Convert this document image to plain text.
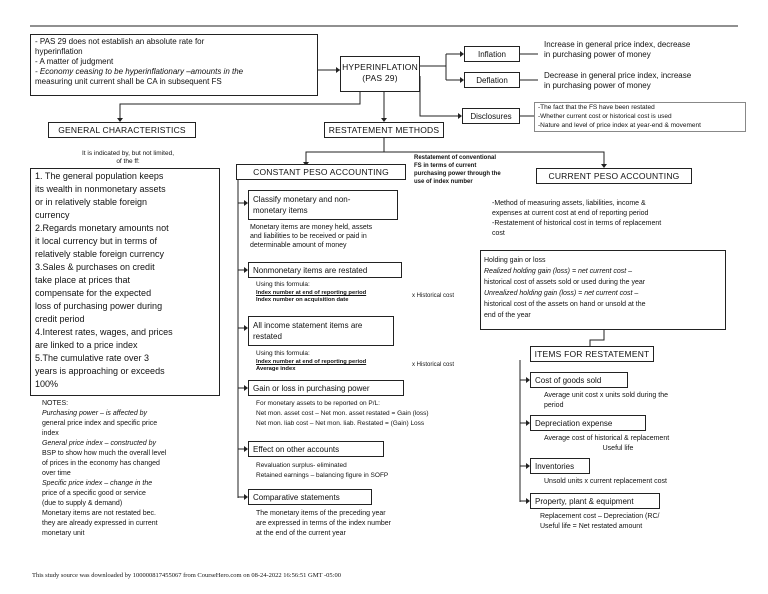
- PAS 29 does not establish an absolute rate for
hyperinflation
- A matter of judgment
- Economy ceasing to be hyperinflationary –amounts in the
measuring unit current shall be CA in subsequent FS
HYPERINFLATION
(PAS 29)
Inflation
Increase in general price index, decrease
in purchasing power of money
Deflation
Decrease in general price index, increase
in purchasing power of money
Disclosures
-The fact that the FS have been restated
-Whether current cost or historical cost is used
-Nature and level of price index at year-end & movement
GENERAL CHARACTERISTICS
It is indicated by, but not limited,
of the ff:
1. The general population keeps
its wealth in nonmonetary assets
or in relatively stable foreign
currency
2.Regards monetary amounts not
it local currency but in terms of
relatively stable foreign currency
3.Sales & purchases on credit
take place at prices that
compensate for the expected
loss of purchasing power during
credit period
4.Interest rates, wages, and prices
are linked to a price index
5.The cumulative rate over 3
years is approaching or exceeds
100%
NOTES:
Purchasing power – is affected by
general price index and specific price
index
General price index – constructed by
BSP to show how much the overall level
of prices in the economy has changed
over time
Specific price index – change in the
price of a specific good or service
(due to supply & demand)
Monetary items are not restated bec.
they are already expressed in current
monetary unit
RESTATEMENT METHODS
Restatement of conventional
FS in terms of current
purchasing power through the
use of index number
CONSTANT PESO ACCOUNTING
Classify monetary and non-
monetary items
Monetary items are money held, assets
and liabilities to be received or paid in
determinable amount of money
Nonmonetary items are restated
Using this formula:
Index number at end of reporting period
Index number on acquisition date
x Historical cost
All income statement items are
restated
Using this formula:
Index number at end of reporting period
Average index
x Historical cost
Gain or loss in purchasing power
For monetary assets to be reported on P/L:
Net mon. asset cost – Net mon. asset restated = Gain (loss)
Net mon. liab cost – Net mon. liab. Restated = (Gain) Loss
Effect on other accounts
Revaluation surplus- eliminated
Retained earnings – balancing figure in SOFP
Comparative statements
The monetary items of the preceding year
are expressed in terms of the index number
at the end of the current year
CURRENT PESO ACCOUNTING
-Method of measuring assets, liabilities, income &
expenses at current cost at end of reporting period
-Restatement of historical cost in terms of replacement
cost
Holding gain or loss
Realized holding gain (loss) = net current cost –
historical cost of assets sold or used during the year
Unrealized holding gain (loss) = net current cost –
historical cost of the assets on hand or unsold at the
end of the year
ITEMS FOR RESTATEMENT
Cost of goods sold
Average unit cost x units sold during the
period
Depreciation expense
Average cost of historical & replacement
Useful life
Inventories
Unsold units x current replacement cost
Property, plant & equipment
Replacement cost – Depreciation (RC/
Useful life = Net restated amount
This study source was downloaded by 100000817455067 from CourseHero.com on 08-24-2022 16:56:51 GMT -05:00
